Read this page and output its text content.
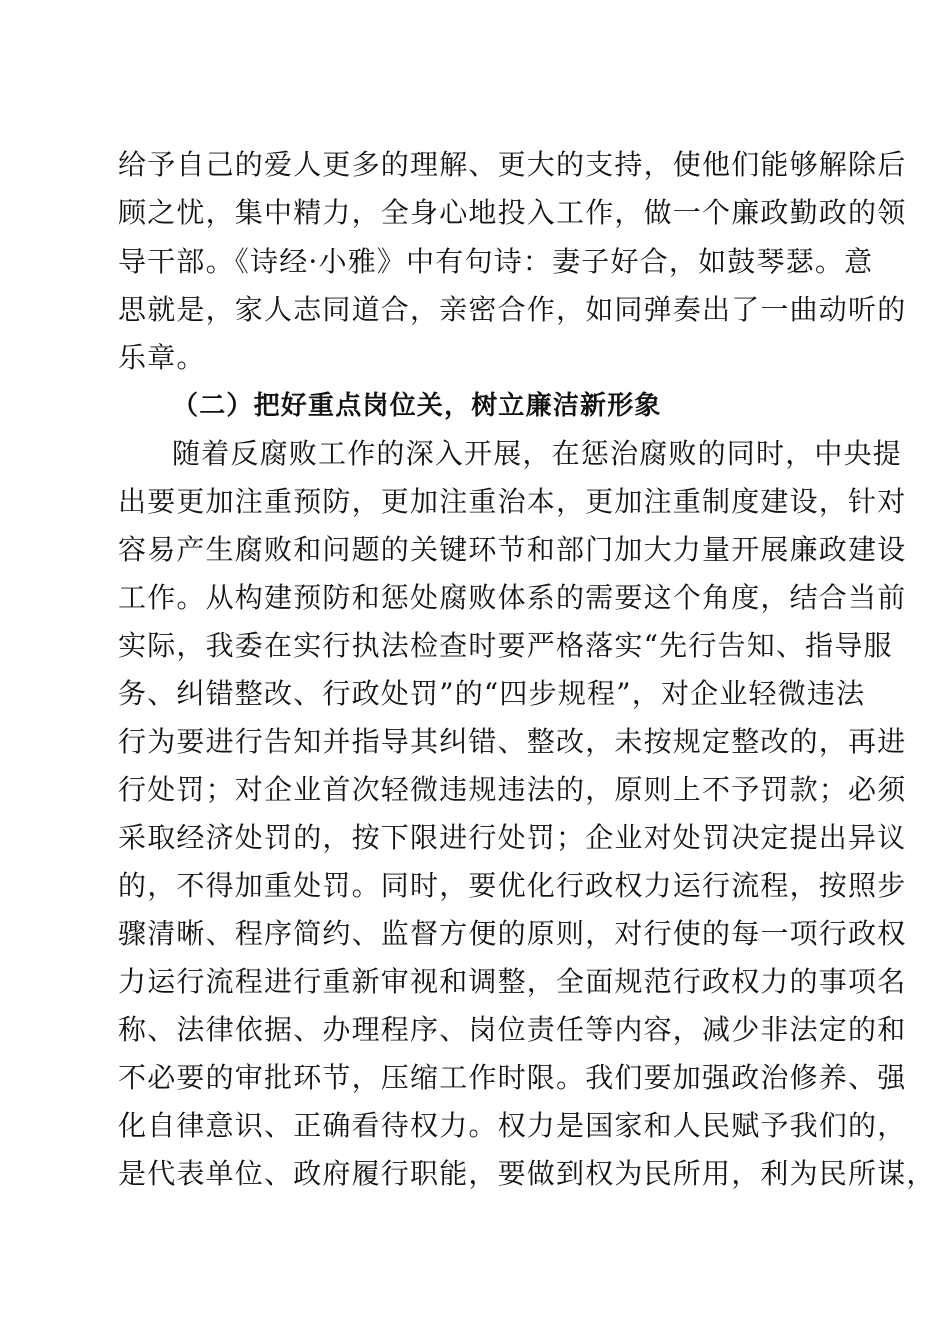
给予自己的爱人更多的理解、更大的支持，使他们能够解除后
顾之忧，集中精力，全身心地投入工作，做一个廉政勤政的领
导干部。《诗经·小雅》中有句诗：妻子好合，如鼓琴瑟。意
思就是，家人志同道合，亲密合作，如同弹奏出了一曲动听的
乐章。
（二）把好重点岗位关，树立廉洁新形象
随着反腐败工作的深入开展，在惩治腐败的同时，中央提
出要更加注重预防，更加注重治本，更加注重制度建设，针对
容易产生腐败和问题的关键环节和部门加大力量开展廉政建设
工作。从构建预防和惩处腐败体系的需要这个角度，结合当前
实际，我委在实行执法检查时要严格落实“先行告知、指导服
务、纠错整改、行政处罚”的“四步规程”，对企业轻微违法
行为要进行告知并指导其纠错、整改，未按规定整改的，再进
行处罚；对企业首次轻微违规违法的，原则上不予罚款；必须
采取经济处罚的，按下限进行处罚；企业对处罚决定提出异议
的，不得加重处罚。同时，要优化行政权力运行流程，按照步
骤清晰、程序简约、监督方便的原则，对行使的每一项行政权
力运行流程进行重新审视和调整，全面规范行政权力的事项名
称、法律依据、办理程序、岗位责任等内容，减少非法定的和
不必要的审批环节，压缩工作时限。我们要加强政治修养、强
化自律意识、正确看待权力。权力是国家和人民赋予我们的，
是代表单位、政府履行职能，要做到权为民所用，利为民所谋，
